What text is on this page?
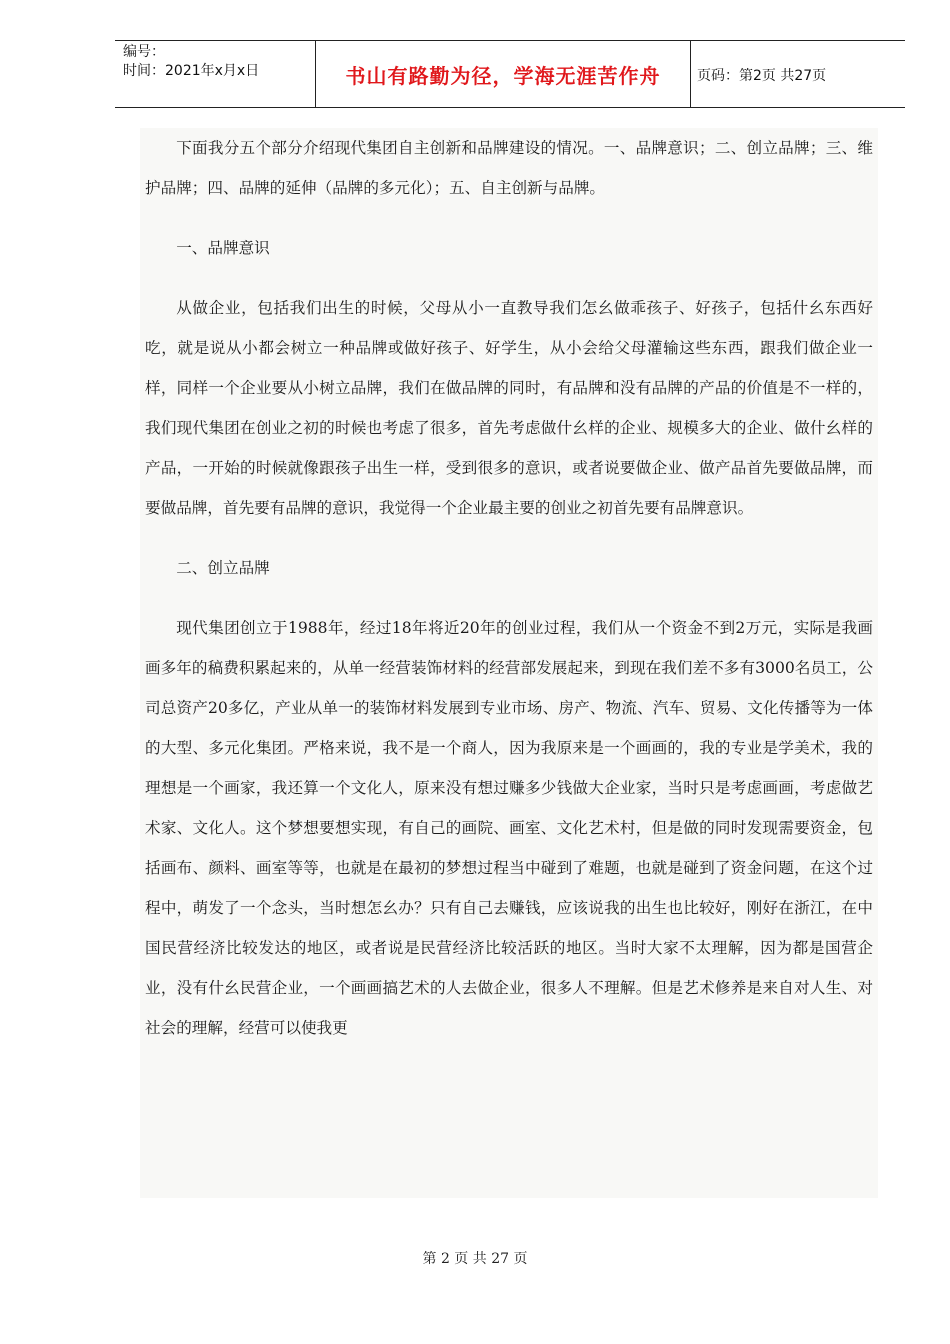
编号：
时间：2021年x月x日	书山有路勤为径，学海无涯苦作舟	页码：第2页 共27页

下面我分五个部分介绍现代集团自主创新和品牌建设的情况。一、品牌意识；二、创立品牌；三、维护品牌；四、品牌的延伸（品牌的多元化）；五、自主创新与品牌。

一、品牌意识

从做企业，包括我们出生的时候，父母从小一直教导我们怎幺做乖孩子、好孩子，包括什幺东西好吃，就是说从小都会树立一种品牌或做好孩子、好学生，从小会给父母灌输这些东西，跟我们做企业一样，同样一个企业要从小树立品牌，我们在做品牌的同时，有品牌和没有品牌的产品的价值是不一样的，我们现代集团在创业之初的时候也考虑了很多，首先考虑做什幺样的企业、规模多大的企业、做什幺样的产品，一开始的时候就像跟孩子出生一样，受到很多的意识，或者说要做企业、做产品首先要做品牌，而要做品牌，首先要有品牌的意识，我觉得一个企业最主要的创业之初首先要有品牌意识。

二、创立品牌

现代集团创立于1988年，经过18年将近20年的创业过程，我们从一个资金不到2万元，实际是我画画多年的稿费积累起来的，从单一经营装饰材料的经营部发展起来，到现在我们差不多有3000名员工，公司总资产20多亿，产业从单一的装饰材料发展到专业市场、房产、物流、汽车、贸易、文化传播等为一体的大型、多元化集团。严格来说，我不是一个商人，因为我原来是一个画画的，我的专业是学美术，我的理想是一个画家，我还算一个文化人，原来没有想过赚多少钱做大企业家，当时只是考虑画画，考虑做艺术家、文化人。这个梦想要想实现，有自己的画院、画室、文化艺术村，但是做的同时发现需要资金，包括画布、颜料、画室等等，也就是在最初的梦想过程当中碰到了难题，也就是碰到了资金问题，在这个过程中，萌发了一个念头，当时想怎幺办？只有自己去赚钱，应该说我的出生也比较好，刚好在浙江，在中国民营经济比较发达的地区，或者说是民营经济比较活跃的地区。当时大家不太理解，因为都是国营企业，没有什幺民营企业，一个画画搞艺术的人去做企业，很多人不理解。但是艺术修养是来自对人生、对社会的理解，经营可以使我更

第 2 页 共 27 页
